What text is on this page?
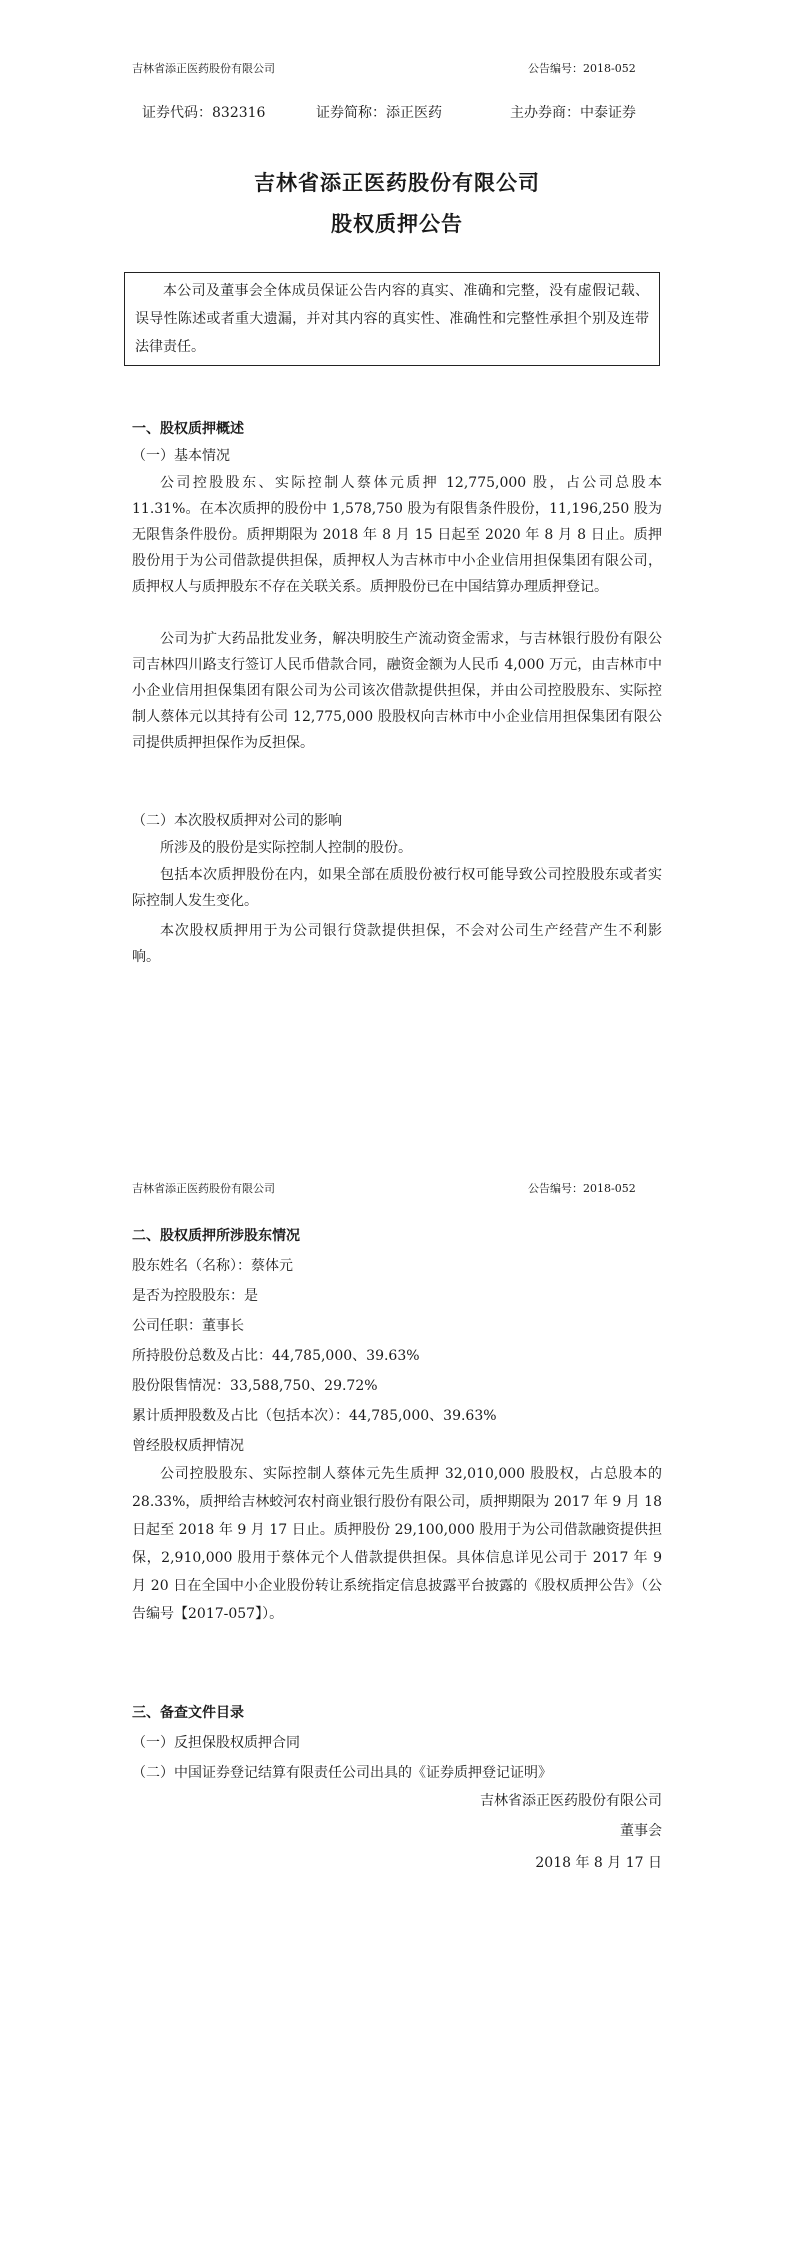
吉林省添正医药股份有限公司	公告编号：2018-052
证券代码：832316	证券简称：添正医药	主办券商：中泰证券
吉林省添正医药股份有限公司
股权质押公告
本公司及董事会全体成员保证公告内容的真实、准确和完整，没有虚假记载、误导性陈述或者重大遗漏，并对其内容的真实性、准确性和完整性承担个别及连带法律责任。

一、股权质押概述

（一）基本情况

公司控股股东、实际控制人蔡体元质押 12,775,000 股，占公司总股本 11.31%。在本次质押的股份中 1,578,750 股为有限售条件股份，11,196,250 股为无限售条件股份。质押期限为 2018 年 8 月 15 日起至 2020 年 8 月 8 日止。质押股份用于为公司借款提供担保，质押权人为吉林市中小企业信用担保集团有限公司，质押权人与质押股东不存在关联关系。质押股份已在中国结算办理质押登记。

公司为扩大药品批发业务，解决明胶生产流动资金需求，与吉林银行股份有限公司吉林四川路支行签订人民币借款合同，融资金额为人民币 4,000 万元，由吉林市中小企业信用担保集团有限公司为公司该次借款提供担保，并由公司控股股东、实际控制人蔡体元以其持有公司 12,775,000 股股权向吉林市中小企业信用担保集团有限公司提供质押担保作为反担保。

（二）本次股权质押对公司的影响

所涉及的股份是实际控制人控制的股份。

包括本次质押股份在内，如果全部在质股份被行权可能导致公司控股股东或者实际控制人发生变化。

本次股权质押用于为公司银行贷款提供担保，不会对公司生产经营产生不利影响。

吉林省添正医药股份有限公司	公告编号：2018-052

二、股权质押所涉股东情况

股东姓名（名称）：蔡体元

是否为控股股东：是

公司任职：董事长

所持股份总数及占比：44,785,000、39.63%

股份限售情况：33,588,750、29.72%

累计质押股数及占比（包括本次）：44,785,000、39.63%

曾经股权质押情况

公司控股股东、实际控制人蔡体元先生质押 32,010,000 股股权，占总股本的 28.33%，质押给吉林蛟河农村商业银行股份有限公司，质押期限为 2017 年 9 月 18 日起至 2018 年 9 月 17 日止。质押股份 29,100,000 股用于为公司借款融资提供担保，2,910,000 股用于蔡体元个人借款提供担保。具体信息详见公司于 2017 年 9 月 20 日在全国中小企业股份转让系统指定信息披露平台披露的《股权质押公告》（公告编号【2017-057】）。

三、备查文件目录

（一）反担保股权质押合同

（二）中国证券登记结算有限责任公司出具的《证券质押登记证明》

吉林省添正医药股份有限公司
董事会
2018 年 8 月 17 日
